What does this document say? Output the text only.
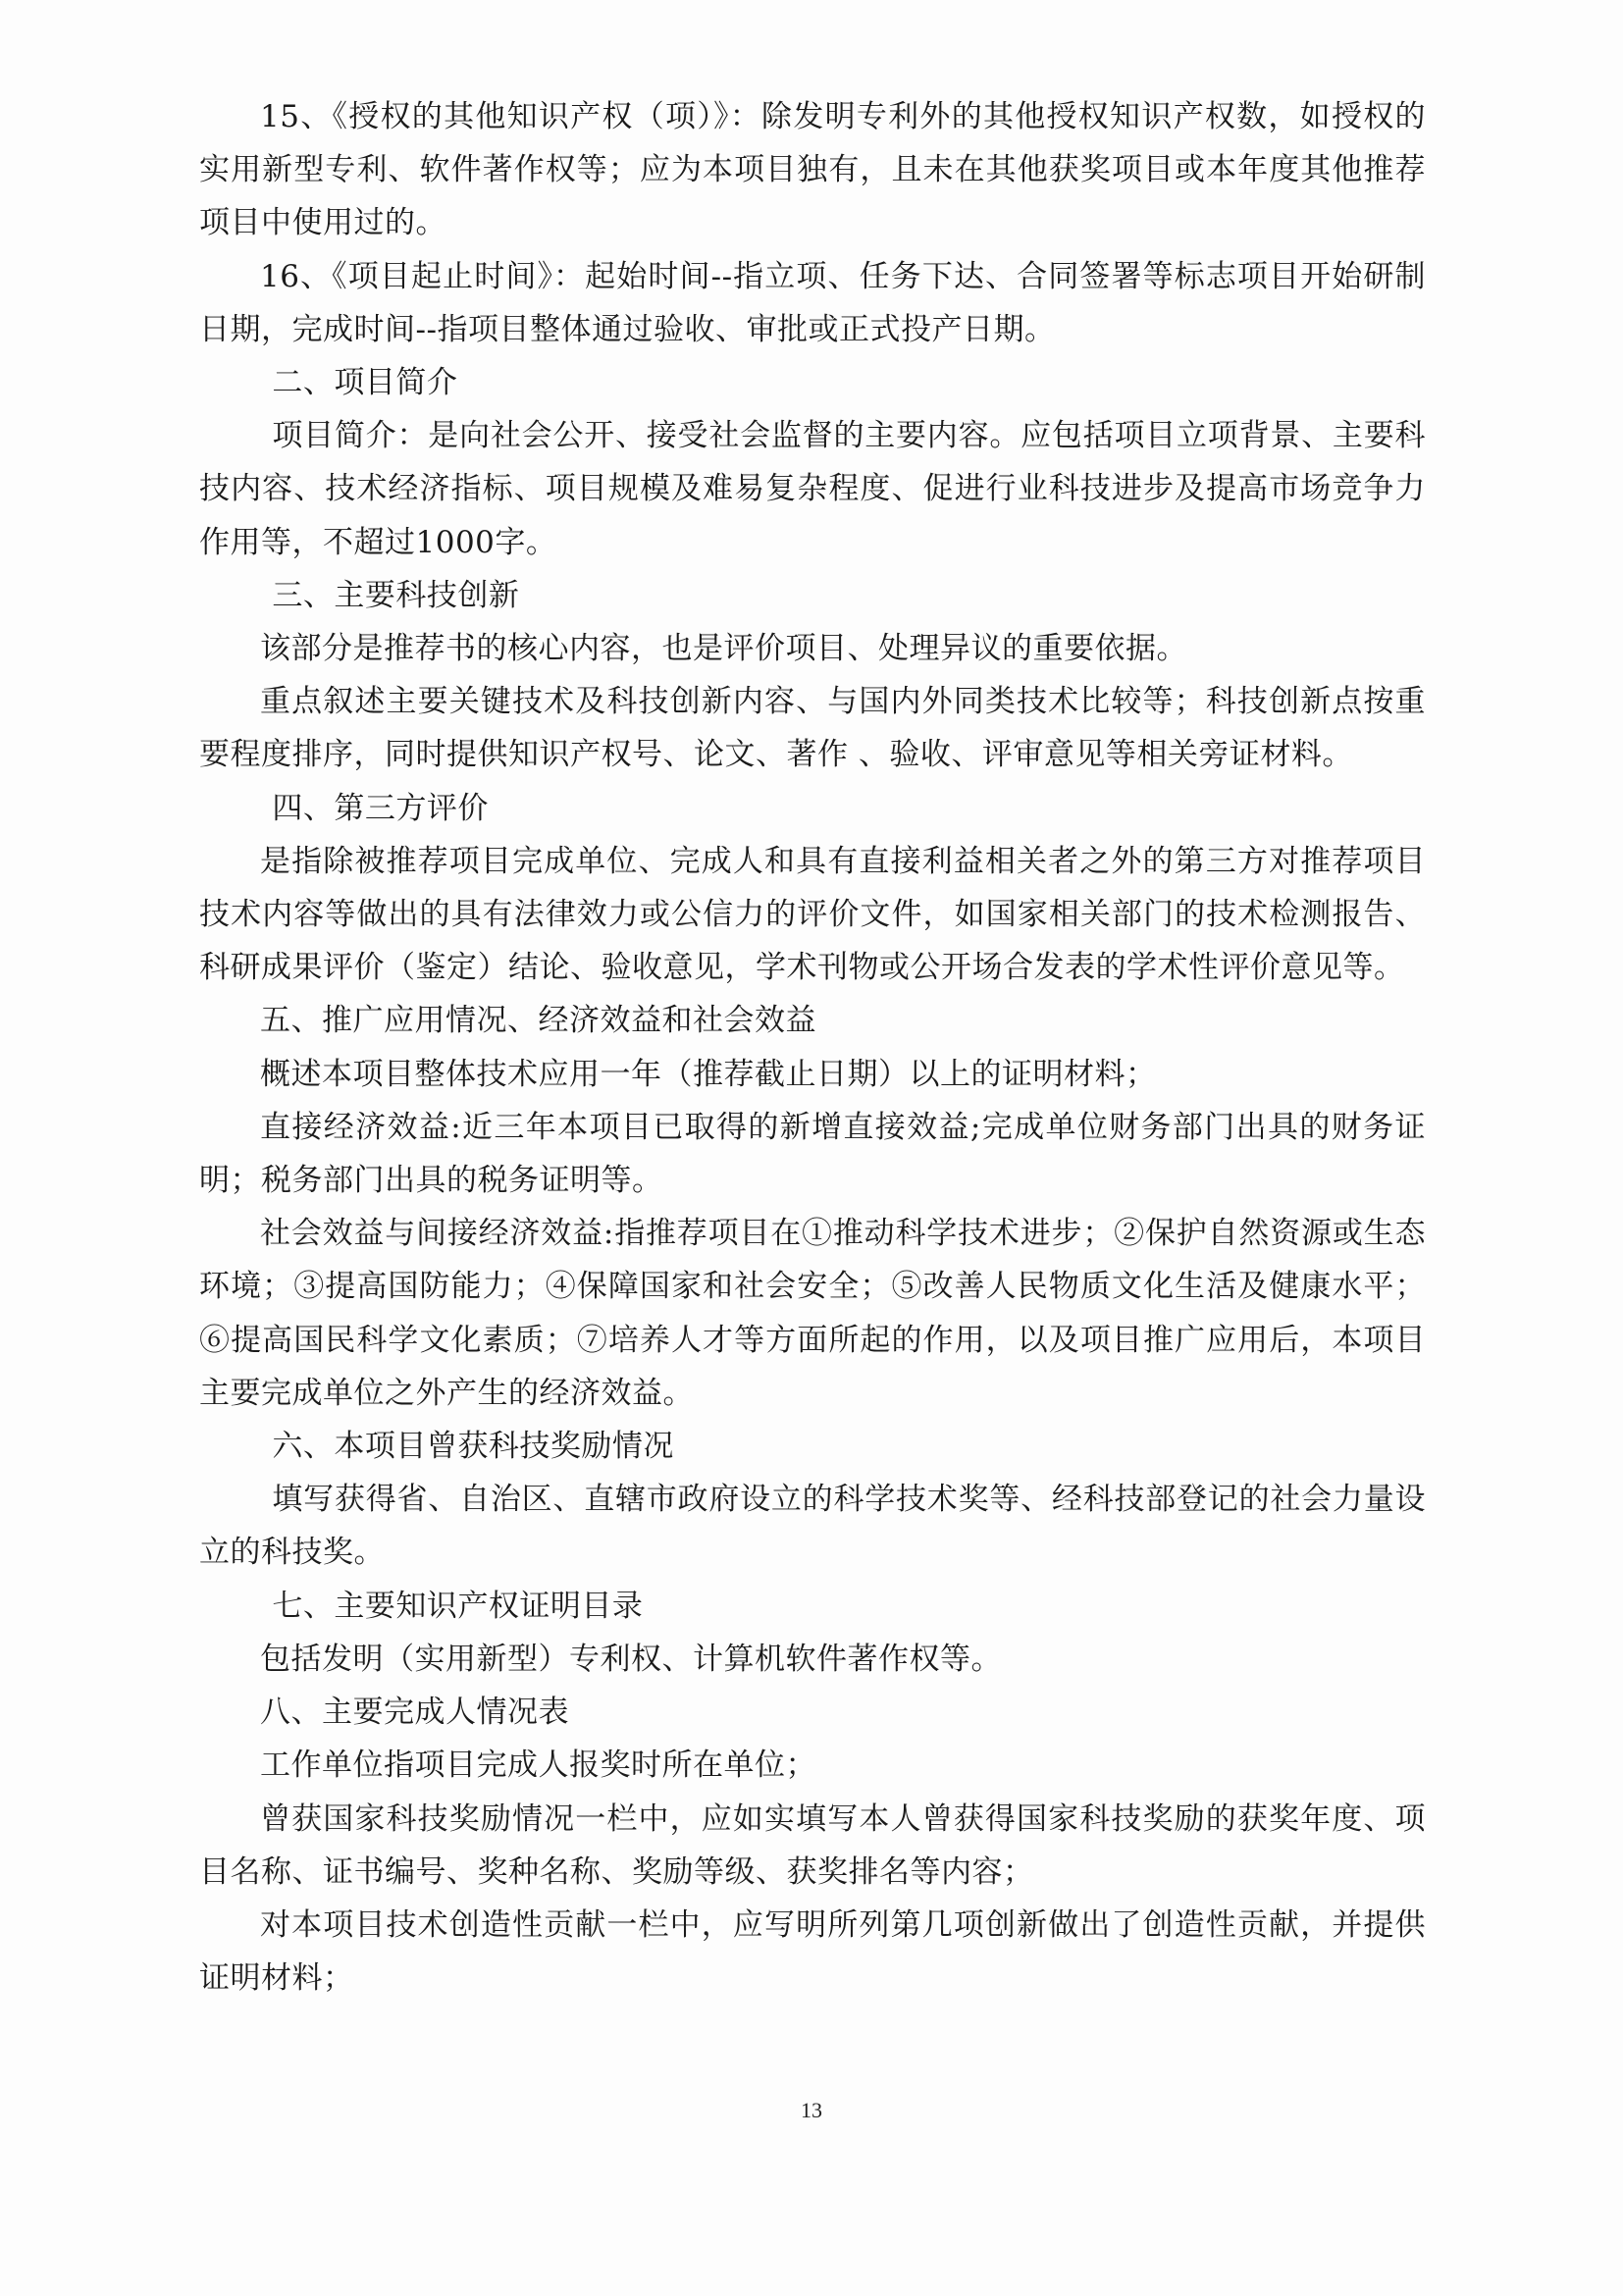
15、《授权的其他知识产权（项）》：除发明专利外的其他授权知识产权数，如授权的实用新型专利、软件著作权等；应为本项目独有，且未在其他获奖项目或本年度其他推荐项目中使用过的。

16、《项目起止时间》：起始时间--指立项、任务下达、合同签署等标志项目开始研制日期，完成时间--指项目整体通过验收、审批或正式投产日期。

二、项目简介

项目简介：是向社会公开、接受社会监督的主要内容。应包括项目立项背景、主要科技内容、技术经济指标、项目规模及难易复杂程度、促进行业科技进步及提高市场竞争力作用等，不超过1000字。

三、主要科技创新

该部分是推荐书的核心内容，也是评价项目、处理异议的重要依据。

重点叙述主要关键技术及科技创新内容、与国内外同类技术比较等；科技创新点按重要程度排序，同时提供知识产权号、论文、著作 、验收、评审意见等相关旁证材料。

四、第三方评价

是指除被推荐项目完成单位、完成人和具有直接利益相关者之外的第三方对推荐项目技术内容等做出的具有法律效力或公信力的评价文件，如国家相关部门的技术检测报告、科研成果评价（鉴定）结论、验收意见，学术刊物或公开场合发表的学术性评价意见等。

五、推广应用情况、经济效益和社会效益

概述本项目整体技术应用一年（推荐截止日期）以上的证明材料；

直接经济效益:近三年本项目已取得的新增直接效益;完成单位财务部门出具的财务证明；税务部门出具的税务证明等。

社会效益与间接经济效益:指推荐项目在①推动科学技术进步；②保护自然资源或生态环境；③提高国防能力；④保障国家和社会安全；⑤改善人民物质文化生活及健康水平；⑥提高国民科学文化素质；⑦培养人才等方面所起的作用，以及项目推广应用后，本项目主要完成单位之外产生的经济效益。

六、本项目曾获科技奖励情况

填写获得省、自治区、直辖市政府设立的科学技术奖等、经科技部登记的社会力量设立的科技奖。

七、主要知识产权证明目录

包括发明（实用新型）专利权、计算机软件著作权等。

八、主要完成人情况表

工作单位指项目完成人报奖时所在单位；

曾获国家科技奖励情况一栏中，应如实填写本人曾获得国家科技奖励的获奖年度、项目名称、证书编号、奖种名称、奖励等级、获奖排名等内容；

对本项目技术创造性贡献一栏中，应写明所列第几项创新做出了创造性贡献，并提供证明材料；

13
